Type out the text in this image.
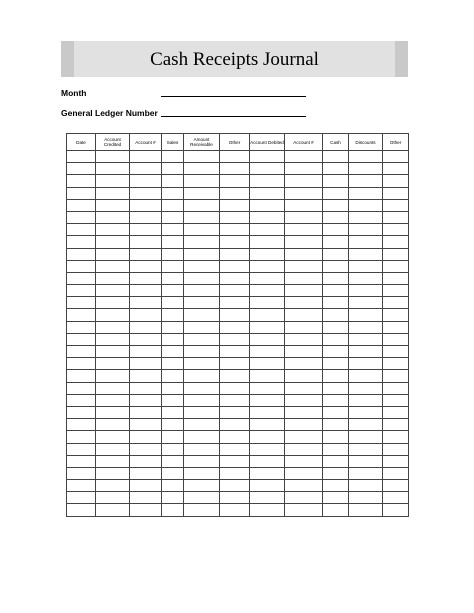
Cash Receipts Journal
Month
General Ledger Number
Date	Account Credited	Account #	Sales	Amount Receivable	Other	Account Debited	Account #	Cash	Discounts	Other
